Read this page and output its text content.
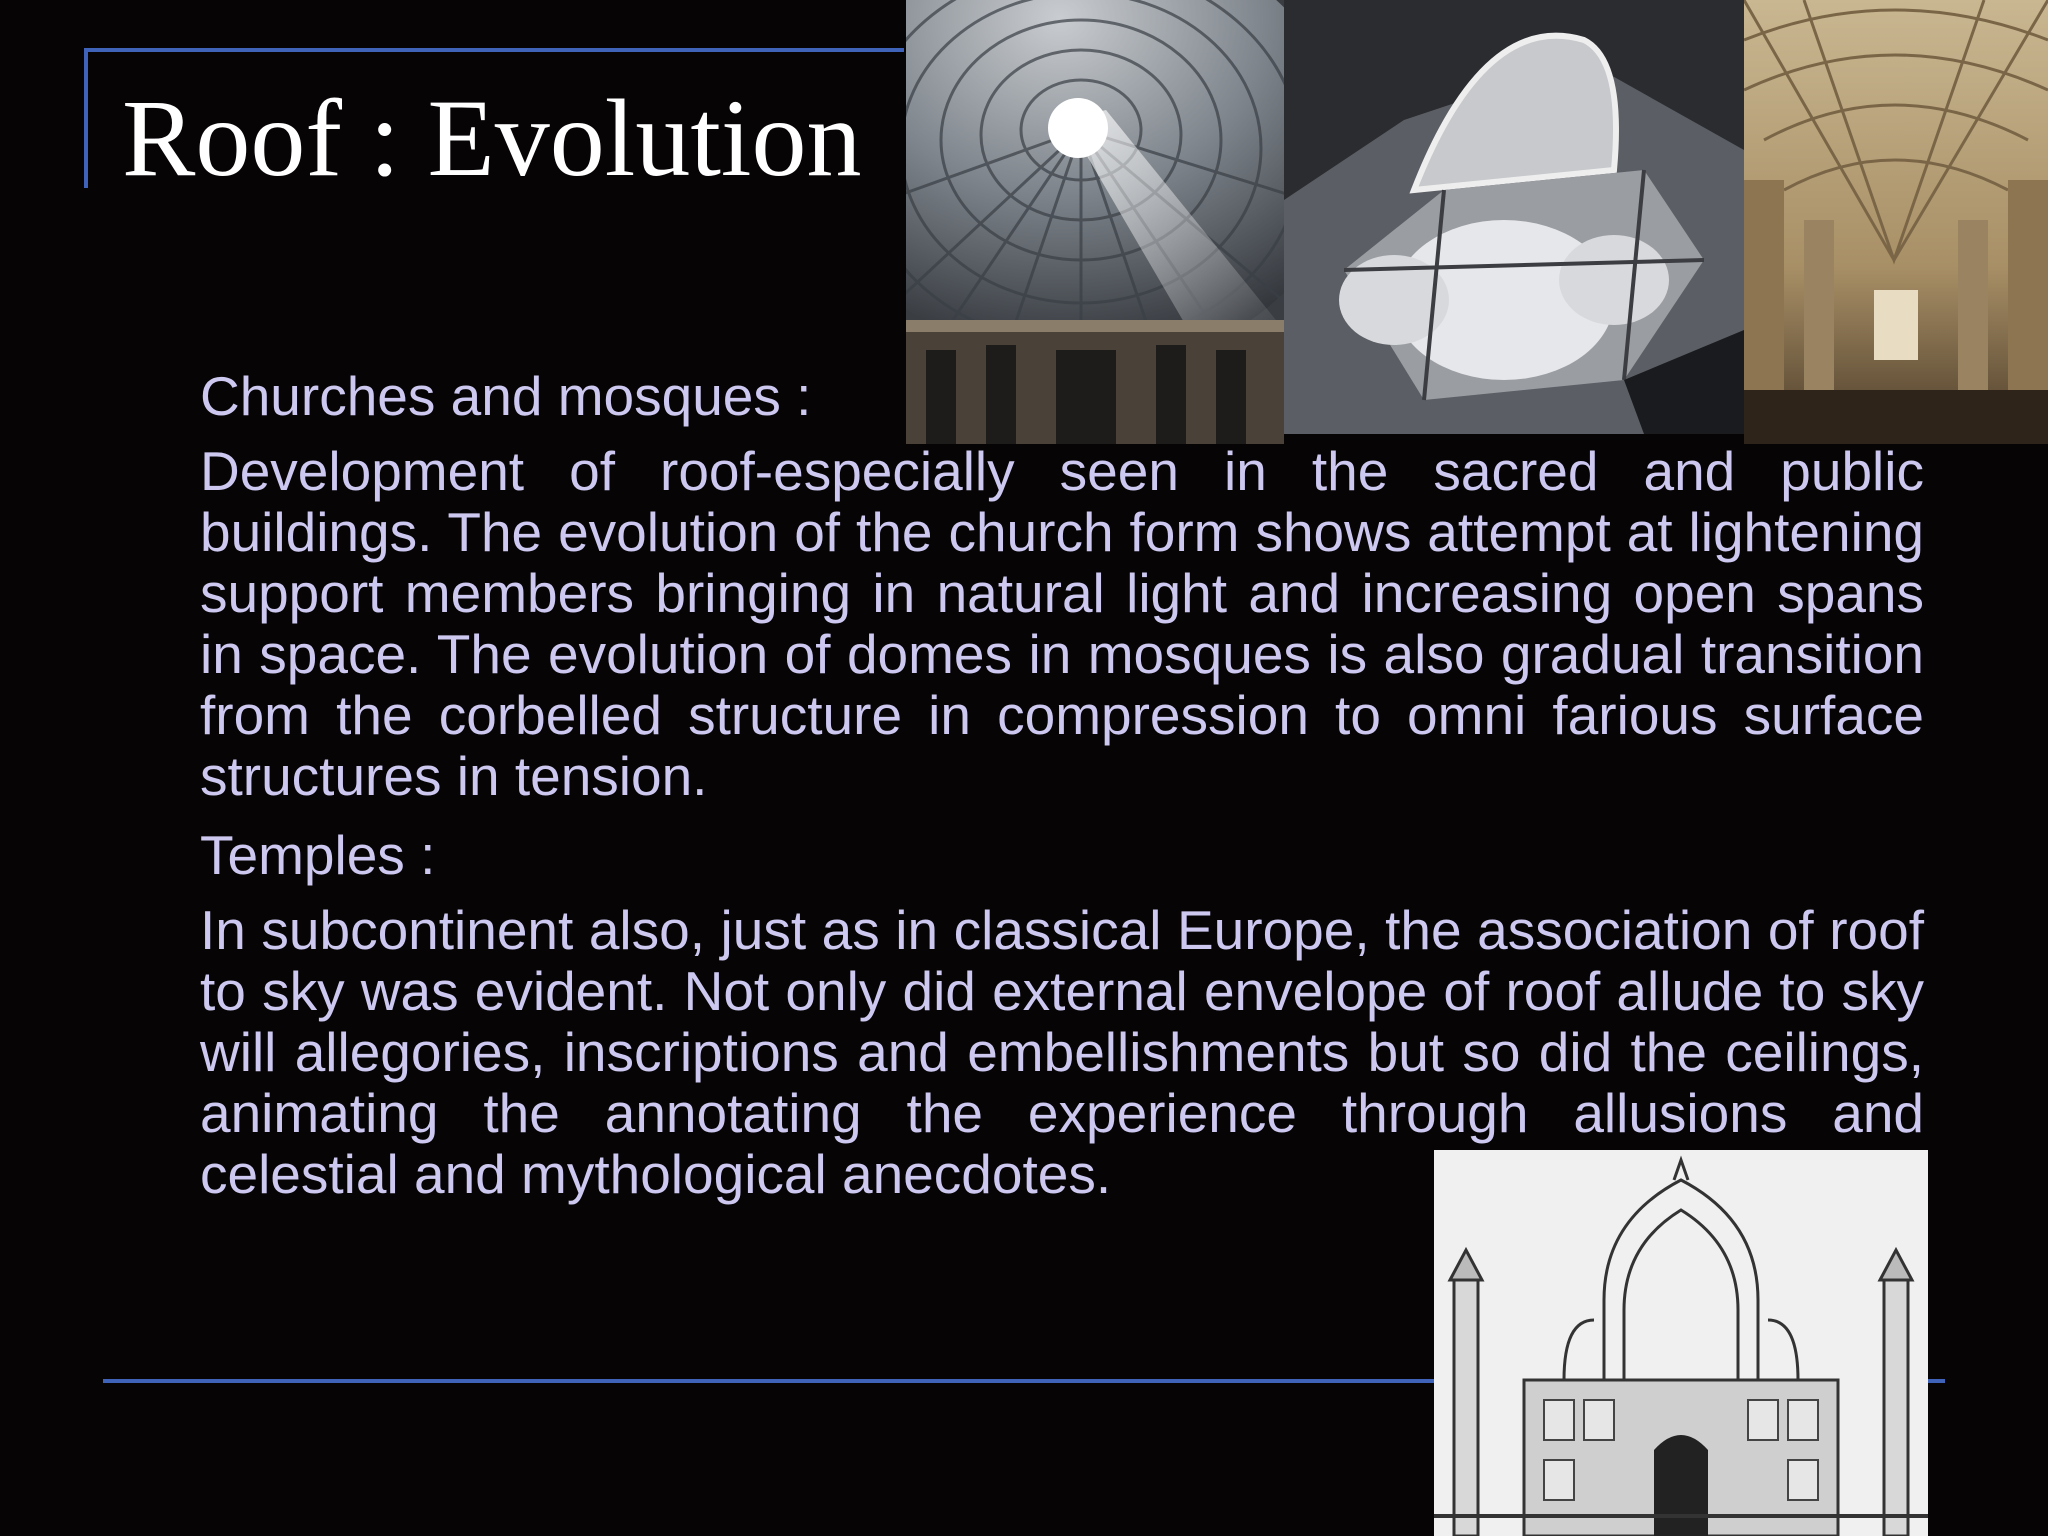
Roof : Evolution
Churches and mosques :
Development of roof-especially seen in the sacred and public buildings. The evolution of the church form shows attempt at lightening support members bringing in natural light and increasing open spans in space. The evolution of domes in mosques is also gradual transition from the corbelled structure in compression to omni farious surface structures in tension.
Temples :
In subcontinent also, just as in classical Europe, the association of roof to sky was evident. Not only did external envelope of roof allude to sky will allegories, inscriptions and embellishments but so did the ceilings, animating the annotating the experience through allusions and celestial and mythological anecdotes.
